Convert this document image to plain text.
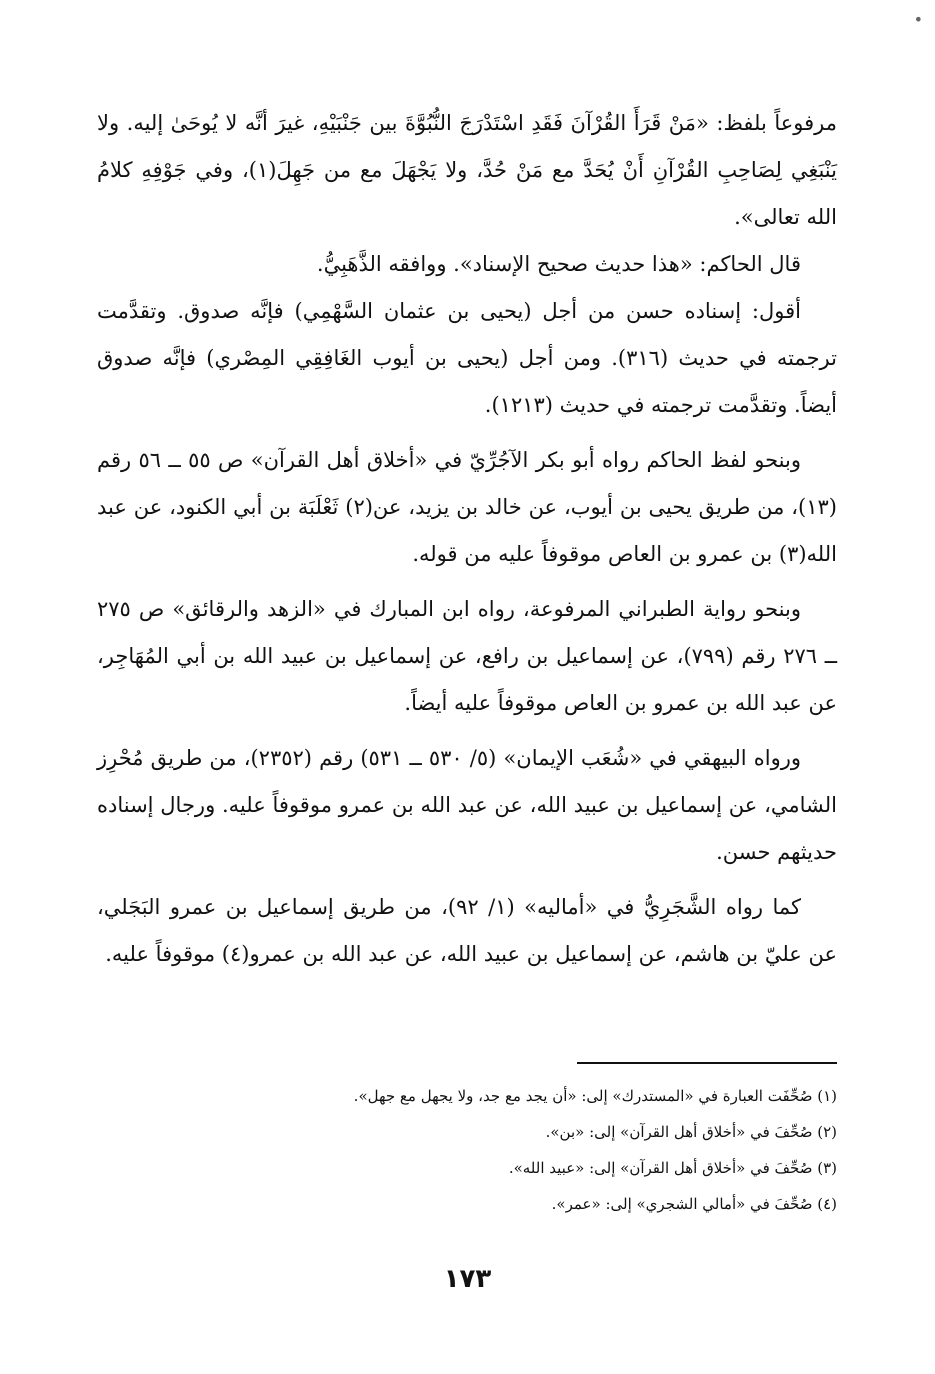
•

مرفوعاً بلفظ: «مَنْ قَرَأَ القُرْآنَ فَقَدِ اسْتَدْرَجَ النُّبُوَّةَ بين جَنْبَيْهِ، غيرَ أنَّه لا يُوحَىٰ إليه. ولا يَنْبَغِي لِصَاحِبِ القُرْآنِ أَنْ يُحَدَّ مع مَنْ حُدَّ، ولا يَجْهَلَ مع من جَهِلَ(١)، وفي جَوْفِهِ كلامُ الله تعالى».

قال الحاكم: «هذا حديث صحيح الإسناد». ووافقه الذَّهَبِيُّ.

أقول: إسناده حسن من أجل (يحيى بن عثمان السَّهْمِي) فإنَّه صدوق. وتقدَّمت ترجمته في حديث (٣١٦). ومن أجل (يحيى بن أيوب الغَافِقِي المِصْري) فإنَّه صدوق أيضاً. وتقدَّمت ترجمته في حديث (١٢١٣).

وبنحو لفظ الحاكم رواه أبو بكر الآجُرِّيّ في «أخلاق أهل القرآن» ص ٥٥ ــ ٥٦ رقم (١٣)، من طريق يحيى بن أيوب، عن خالد بن يزيد، عن(٢) ثَعْلَبَة بن أبي الكنود، عن عبد الله(٣) بن عمرو بن العاص موقوفاً عليه من قوله.

وبنحو رواية الطبراني المرفوعة، رواه ابن المبارك في «الزهد والرقائق» ص ٢٧٥ ــ ٢٧٦ رقم (٧٩٩)، عن إسماعيل بن رافع، عن إسماعيل بن عبيد الله بن أبي المُهَاجِر، عن عبد الله بن عمرو بن العاص موقوفاً عليه أيضاً.

ورواه البيهقي في «شُعَب الإيمان» (٥/ ٥٣٠ ــ ٥٣١) رقم (٢٣٥٢)، من طريق مُحْرِز الشامي، عن إسماعيل بن عبيد الله، عن عبد الله بن عمرو موقوفاً عليه. ورجال إسناده حديثهم حسن.

كما رواه الشَّجَرِيُّ في «أماليه» (١/ ٩٢)، من طريق إسماعيل بن عمرو البَجَلي، عن عليّ بن هاشم، عن إسماعيل بن عبيد الله، عن عبد الله بن عمرو(٤) موقوفاً عليه.

(١) صُحِّفَت العبارة في «المستدرك» إلى: «أن يجد مع جد، ولا يجهل مع جهل».
(٢) صُحِّفَ في «أخلاق أهل القرآن» إلى: «بن».
(٣) صُحِّفَ في «أخلاق أهل القرآن» إلى: «عبيد الله».
(٤) صُحِّفَ في «أمالي الشجري» إلى: «عمر».
١٧٣
